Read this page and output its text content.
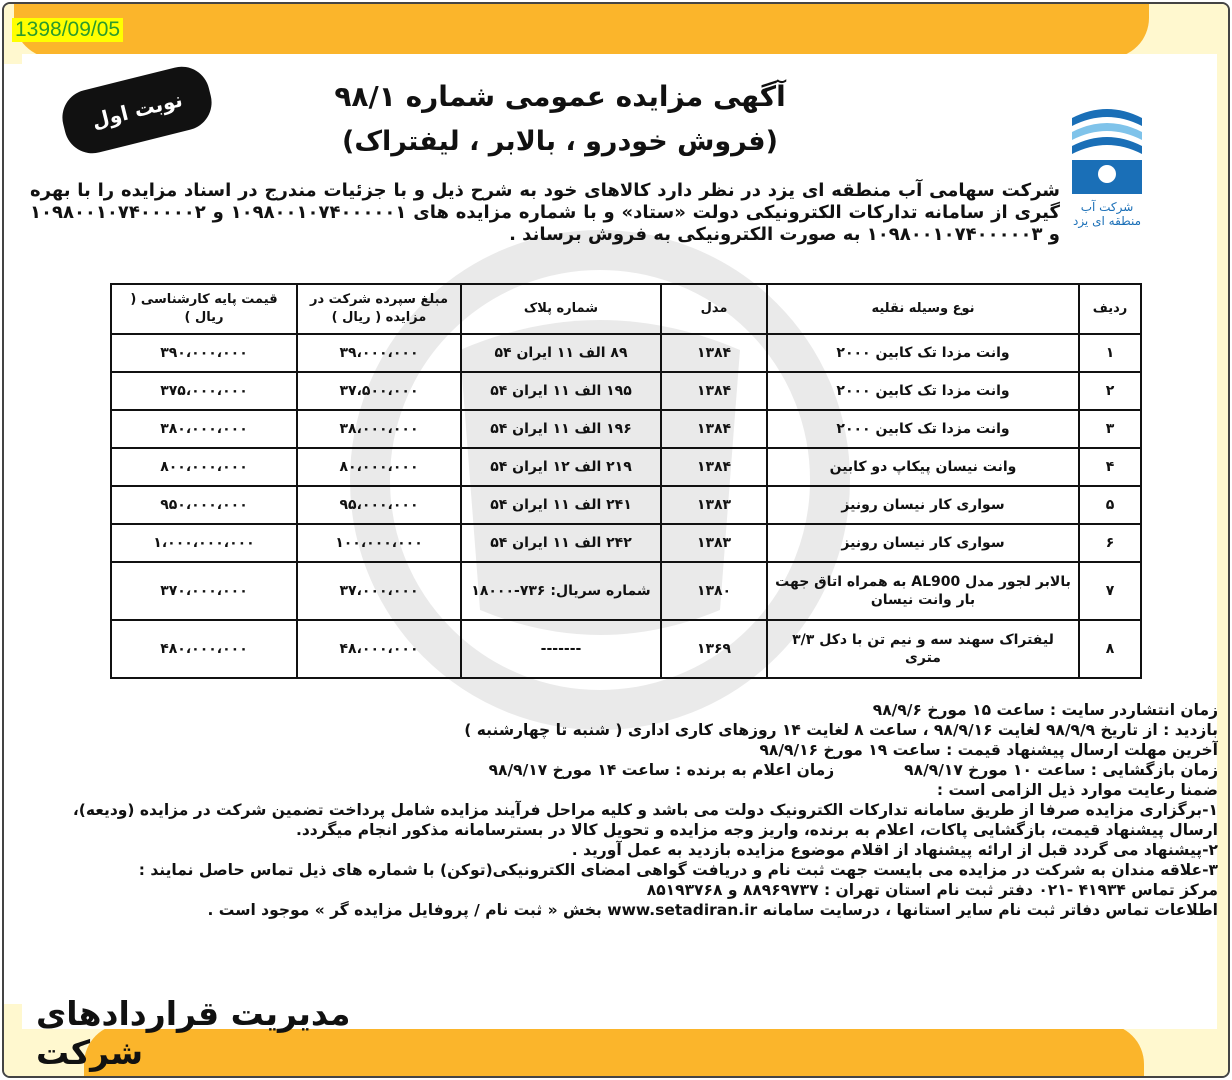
1398/09/05
نوبت اول
شرکت آب منطقه ای یزد
آگهی مزایده عمومی شماره ۹۸/۱
(فروش خودرو ، بالابر ، لیفتراک)
شرکت سهامی آب منطقه ای یزد در نظر دارد کالاهای خود به شرح ذیل و با جزئیات مندرج در اسناد مزایده را با بهره گیری از سامانه تدارکات الکترونیکی دولت «ستاد» و با شماره مزایده های ۱۰۹۸۰۰۱۰۷۴۰۰۰۰۰۱ و ۱۰۹۸۰۰۱۰۷۴۰۰۰۰۰۲ و ۱۰۹۸۰۰۱۰۷۴۰۰۰۰۰۳ به صورت الکترونیکی به فروش برساند .
ردیف	نوع وسیله نقلیه	مدل	شماره پلاک	مبلغ سپرده شرکت در مزایده ( ریال )	قیمت پایه کارشناسی ( ریال )
۱	وانت مزدا تک کابین ۲۰۰۰	۱۳۸۴	۸۹ الف ۱۱ ایران ۵۴	۳۹،۰۰۰،۰۰۰	۳۹۰،۰۰۰،۰۰۰
۲	وانت مزدا تک کابین ۲۰۰۰	۱۳۸۴	۱۹۵ الف ۱۱ ایران ۵۴	۳۷،۵۰۰،۰۰۰	۳۷۵،۰۰۰،۰۰۰
۳	وانت مزدا تک کابین ۲۰۰۰	۱۳۸۴	۱۹۶ الف ۱۱ ایران ۵۴	۳۸،۰۰۰،۰۰۰	۳۸۰،۰۰۰،۰۰۰
۴	وانت نیسان پیکاپ دو کابین	۱۳۸۴	۲۱۹ الف ۱۲ ایران ۵۴	۸۰،۰۰۰،۰۰۰	۸۰۰،۰۰۰،۰۰۰
۵	سواری کار نیسان رونیز	۱۳۸۳	۲۴۱ الف ۱۱ ایران ۵۴	۹۵،۰۰۰،۰۰۰	۹۵۰،۰۰۰،۰۰۰
۶	سواری کار نیسان رونیز	۱۳۸۳	۲۴۲ الف ۱۱ ایران ۵۴	۱۰۰،۰۰۰،۰۰۰	۱،۰۰۰،۰۰۰،۰۰۰
۷	بالابر لجور مدل AL900 به همراه اتاق جهت بار وانت نیسان	۱۳۸۰	شماره سریال: ۷۳۶-۱۸۰۰۰	۳۷،۰۰۰،۰۰۰	۳۷۰،۰۰۰،۰۰۰
۸	لیفتراک سهند سه و نیم تن با دکل ۳/۳ متری	۱۳۶۹	-------	۴۸،۰۰۰،۰۰۰	۴۸۰،۰۰۰،۰۰۰
زمان انتشاردر سایت : ساعت ۱۵ مورخ ۹۸/۹/۶
بازدید : از تاریخ ۹۸/۹/۹ لغایت ۹۸/۹/۱۶ ، ساعت ۸ لغایت ۱۴ روزهای کاری اداری ( شنبه تا چهارشنبه )
آخرین مهلت ارسال پیشنهاد قیمت : ساعت ۱۹ مورخ ۹۸/۹/۱۶
زمان بازگشایی : ساعت ۱۰ مورخ ۹۸/۹/۱۷زمان اعلام به برنده : ساعت ۱۴ مورخ ۹۸/۹/۱۷
ضمنا رعایت موارد ذیل الزامی است :
۱-برگزاری مزایده صرفا از طریق سامانه تدارکات الکترونیک دولت می باشد و کلیه مراحل فرآیند مزایده شامل پرداخت تضمین شرکت در مزایده (ودیعه)، ارسال پیشنهاد قیمت، بازگشایی پاکات، اعلام به برنده، واریز وجه مزایده و تحویل کالا در بسترسامانه مذکور انجام میگردد.
۲-پیشنهاد می گردد قبل از ارائه پیشنهاد از اقلام موضوع مزایده بازدید به عمل آورید .
۳-علاقه مندان به شرکت در مزایده می بایست جهت ثبت نام و دریافت گواهی امضای الکترونیکی(توکن) با شماره های ذیل تماس حاصل نمایند :
مرکز تماس ۴۱۹۳۴ -۰۲۱ دفتر ثبت نام استان تهران : ۸۸۹۶۹۷۳۷ و ۸۵۱۹۳۷۶۸
اطلاعات تماس دفاتر ثبت نام سایر استانها ، درسایت سامانه www.setadiran.ir بخش « ثبت نام / پروفایل مزایده گر » موجود است .
مدیریت قراردادهای شرکت
